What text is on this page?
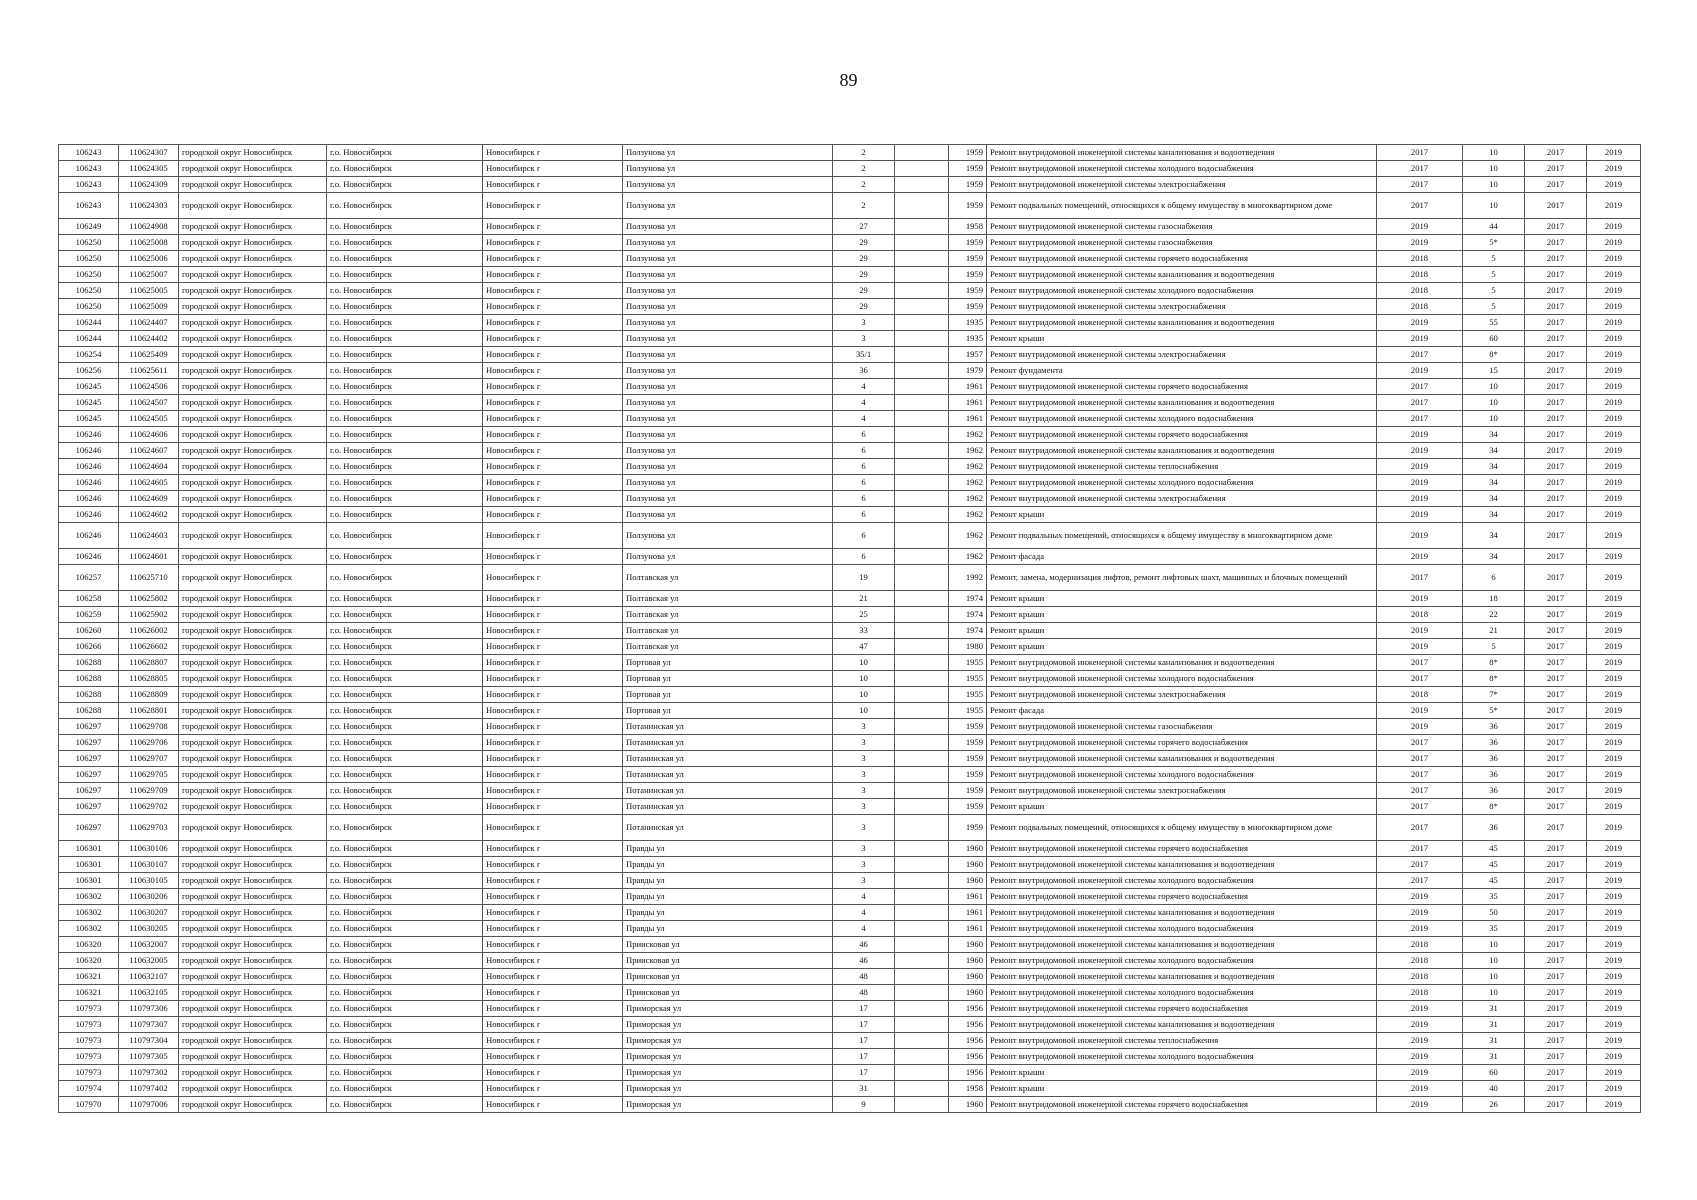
89
106243	110624307	городской округ Новосибирск	г.о. Новосибирск	Новосибирск г	Ползунова ул	2		1959	Ремонт внутридомовой инженерной системы канализования и водоотведения	2017	10	2017	2019
106243	110624305	городской округ Новосибирск	г.о. Новосибирск	Новосибирск г	Ползунова ул	2		1959	Ремонт внутридомовой инженерной системы холодного водоснабжения	2017	10	2017	2019
106243	110624309	городской округ Новосибирск	г.о. Новосибирск	Новосибирск г	Ползунова ул	2		1959	Ремонт внутридомовой инженерной системы электроснабжения	2017	10	2017	2019
106243	110624303	городской округ Новосибирск	г.о. Новосибирск	Новосибирск г	Ползунова ул	2		1959	Ремонт подвальных помещений, относящихся к общему имуществу в многоквартирном доме	2017	10	2017	2019
106249	110624908	городской округ Новосибирск	г.о. Новосибирск	Новосибирск г	Ползунова ул	27		1958	Ремонт внутридомовой инженерной системы газоснабжения	2019	44	2017	2019
106250	110625008	городской округ Новосибирск	г.о. Новосибирск	Новосибирск г	Ползунова ул	29		1959	Ремонт внутридомовой инженерной системы газоснабжения	2019	5*	2017	2019
106250	110625006	городской округ Новосибирск	г.о. Новосибирск	Новосибирск г	Ползунова ул	29		1959	Ремонт внутридомовой инженерной системы горячего водоснабжения	2018	5	2017	2019
106250	110625007	городской округ Новосибирск	г.о. Новосибирск	Новосибирск г	Ползунова ул	29		1959	Ремонт внутридомовой инженерной системы канализования и водоотведения	2018	5	2017	2019
106250	110625005	городской округ Новосибирск	г.о. Новосибирск	Новосибирск г	Ползунова ул	29		1959	Ремонт внутридомовой инженерной системы холодного водоснабжения	2018	5	2017	2019
106250	110625009	городской округ Новосибирск	г.о. Новосибирск	Новосибирск г	Ползунова ул	29		1959	Ремонт внутридомовой инженерной системы электроснабжения	2018	5	2017	2019
106244	110624407	городской округ Новосибирск	г.о. Новосибирск	Новосибирск г	Ползунова ул	3		1935	Ремонт внутридомовой инженерной системы канализования и водоотведения	2019	55	2017	2019
106244	110624402	городской округ Новосибирск	г.о. Новосибирск	Новосибирск г	Ползунова ул	3		1935	Ремонт крыши	2019	60	2017	2019
106254	110625409	городской округ Новосибирск	г.о. Новосибирск	Новосибирск г	Ползунова ул	35/1		1957	Ремонт внутридомовой инженерной системы электроснабжения	2017	8*	2017	2019
106256	110625611	городской округ Новосибирск	г.о. Новосибирск	Новосибирск г	Ползунова ул	36		1979	Ремонт фундамента	2019	15	2017	2019
106245	110624506	городской округ Новосибирск	г.о. Новосибирск	Новосибирск г	Ползунова ул	4		1961	Ремонт внутридомовой инженерной системы горячего водоснабжения	2017	10	2017	2019
106245	110624507	городской округ Новосибирск	г.о. Новосибирск	Новосибирск г	Ползунова ул	4		1961	Ремонт внутридомовой инженерной системы канализования и водоотведения	2017	10	2017	2019
106245	110624505	городской округ Новосибирск	г.о. Новосибирск	Новосибирск г	Ползунова ул	4		1961	Ремонт внутридомовой инженерной системы холодного водоснабжения	2017	10	2017	2019
106246	110624606	городской округ Новосибирск	г.о. Новосибирск	Новосибирск г	Ползунова ул	6		1962	Ремонт внутридомовой инженерной системы горячего водоснабжения	2019	34	2017	2019
106246	110624607	городской округ Новосибирск	г.о. Новосибирск	Новосибирск г	Ползунова ул	6		1962	Ремонт внутридомовой инженерной системы канализования и водоотведения	2019	34	2017	2019
106246	110624604	городской округ Новосибирск	г.о. Новосибирск	Новосибирск г	Ползунова ул	6		1962	Ремонт внутридомовой инженерной системы теплоснабжения	2019	34	2017	2019
106246	110624605	городской округ Новосибирск	г.о. Новосибирск	Новосибирск г	Ползунова ул	6		1962	Ремонт внутридомовой инженерной системы холодного водоснабжения	2019	34	2017	2019
106246	110624609	городской округ Новосибирск	г.о. Новосибирск	Новосибирск г	Ползунова ул	6		1962	Ремонт внутридомовой инженерной системы электроснабжения	2019	34	2017	2019
106246	110624602	городской округ Новосибирск	г.о. Новосибирск	Новосибирск г	Ползунова ул	6		1962	Ремонт крыши	2019	34	2017	2019
106246	110624603	городской округ Новосибирск	г.о. Новосибирск	Новосибирск г	Ползунова ул	6		1962	Ремонт подвальных помещений, относящихся к общему имуществу в многоквартирном доме	2019	34	2017	2019
106246	110624601	городской округ Новосибирск	г.о. Новосибирск	Новосибирск г	Ползунова ул	6		1962	Ремонт фасада	2019	34	2017	2019
106257	110625710	городской округ Новосибирск	г.о. Новосибирск	Новосибирск г	Полтавская ул	19		1992	Ремонт, замена, модернизация лифтов, ремонт лифтовых шахт, машинных и блочных помещений	2017	6	2017	2019
106258	110625802	городской округ Новосибирск	г.о. Новосибирск	Новосибирск г	Полтавская ул	21		1974	Ремонт крыши	2019	18	2017	2019
106259	110625902	городской округ Новосибирск	г.о. Новосибирск	Новосибирск г	Полтавская ул	25		1974	Ремонт крыши	2018	22	2017	2019
106260	110626002	городской округ Новосибирск	г.о. Новосибирск	Новосибирск г	Полтавская ул	33		1974	Ремонт крыши	2019	21	2017	2019
106266	110626602	городской округ Новосибирск	г.о. Новосибирск	Новосибирск г	Полтавская ул	47		1980	Ремонт крыши	2019	5	2017	2019
106288	110628807	городской округ Новосибирск	г.о. Новосибирск	Новосибирск г	Портовая ул	10		1955	Ремонт внутридомовой инженерной системы канализования и водоотведения	2017	8*	2017	2019
106288	110628805	городской округ Новосибирск	г.о. Новосибирск	Новосибирск г	Портовая ул	10		1955	Ремонт внутридомовой инженерной системы холодного водоснабжения	2017	8*	2017	2019
106288	110628809	городской округ Новосибирск	г.о. Новосибирск	Новосибирск г	Портовая ул	10		1955	Ремонт внутридомовой инженерной системы электроснабжения	2018	7*	2017	2019
106288	110628801	городской округ Новосибирск	г.о. Новосибирск	Новосибирск г	Портовая ул	10		1955	Ремонт фасада	2019	5*	2017	2019
106297	110629708	городской округ Новосибирск	г.о. Новосибирск	Новосибирск г	Потанинская ул	3		1959	Ремонт внутридомовой инженерной системы газоснабжения	2019	36	2017	2019
106297	110629706	городской округ Новосибирск	г.о. Новосибирск	Новосибирск г	Потанинская ул	3		1959	Ремонт внутридомовой инженерной системы горячего водоснабжения	2017	36	2017	2019
106297	110629707	городской округ Новосибирск	г.о. Новосибирск	Новосибирск г	Потанинская ул	3		1959	Ремонт внутридомовой инженерной системы канализования и водоотведения	2017	36	2017	2019
106297	110629705	городской округ Новосибирск	г.о. Новосибирск	Новосибирск г	Потанинская ул	3		1959	Ремонт внутридомовой инженерной системы холодного водоснабжения	2017	36	2017	2019
106297	110629709	городской округ Новосибирск	г.о. Новосибирск	Новосибирск г	Потанинская ул	3		1959	Ремонт внутридомовой инженерной системы электроснабжения	2017	36	2017	2019
106297	110629702	городской округ Новосибирск	г.о. Новосибирск	Новосибирск г	Потанинская ул	3		1959	Ремонт крыши	2017	8*	2017	2019
106297	110629703	городской округ Новосибирск	г.о. Новосибирск	Новосибирск г	Потанинская ул	3		1959	Ремонт подвальных помещений, относящихся к общему имуществу в многоквартирном доме	2017	36	2017	2019
106301	110630106	городской округ Новосибирск	г.о. Новосибирск	Новосибирск г	Правды ул	3		1960	Ремонт внутридомовой инженерной системы горячего водоснабжения	2017	45	2017	2019
106301	110630107	городской округ Новосибирск	г.о. Новосибирск	Новосибирск г	Правды ул	3		1960	Ремонт внутридомовой инженерной системы канализования и водоотведения	2017	45	2017	2019
106301	110630105	городской округ Новосибирск	г.о. Новосибирск	Новосибирск г	Правды ул	3		1960	Ремонт внутридомовой инженерной системы холодного водоснабжения	2017	45	2017	2019
106302	110630206	городской округ Новосибирск	г.о. Новосибирск	Новосибирск г	Правды ул	4		1961	Ремонт внутридомовой инженерной системы горячего водоснабжения	2019	35	2017	2019
106302	110630207	городской округ Новосибирск	г.о. Новосибирск	Новосибирск г	Правды ул	4		1961	Ремонт внутридомовой инженерной системы канализования и водоотведения	2019	50	2017	2019
106302	110630205	городской округ Новосибирск	г.о. Новосибирск	Новосибирск г	Правды ул	4		1961	Ремонт внутридомовой инженерной системы холодного водоснабжения	2019	35	2017	2019
106320	110632007	городской округ Новосибирск	г.о. Новосибирск	Новосибирск г	Приисковая ул	46		1960	Ремонт внутридомовой инженерной системы канализования и водоотведения	2018	10	2017	2019
106320	110632005	городской округ Новосибирск	г.о. Новосибирск	Новосибирск г	Приисковая ул	46		1960	Ремонт внутридомовой инженерной системы холодного водоснабжения	2018	10	2017	2019
106321	110632107	городской округ Новосибирск	г.о. Новосибирск	Новосибирск г	Приисковая ул	48		1960	Ремонт внутридомовой инженерной системы канализования и водоотведения	2018	10	2017	2019
106321	110632105	городской округ Новосибирск	г.о. Новосибирск	Новосибирск г	Приисковая ул	48		1960	Ремонт внутридомовой инженерной системы холодного водоснабжения	2018	10	2017	2019
107973	110797306	городской округ Новосибирск	г.о. Новосибирск	Новосибирск г	Приморская ул	17		1956	Ремонт внутридомовой инженерной системы горячего водоснабжения	2019	31	2017	2019
107973	110797307	городской округ Новосибирск	г.о. Новосибирск	Новосибирск г	Приморская ул	17		1956	Ремонт внутридомовой инженерной системы канализования и водоотведения	2019	31	2017	2019
107973	110797304	городской округ Новосибирск	г.о. Новосибирск	Новосибирск г	Приморская ул	17		1956	Ремонт внутридомовой инженерной системы теплоснабжения	2019	31	2017	2019
107973	110797305	городской округ Новосибирск	г.о. Новосибирск	Новосибирск г	Приморская ул	17		1956	Ремонт внутридомовой инженерной системы холодного водоснабжения	2019	31	2017	2019
107973	110797302	городской округ Новосибирск	г.о. Новосибирск	Новосибирск г	Приморская ул	17		1956	Ремонт крыши	2019	60	2017	2019
107974	110797402	городской округ Новосибирск	г.о. Новосибирск	Новосибирск г	Приморская ул	31		1958	Ремонт крыши	2019	40	2017	2019
107970	110797006	городской округ Новосибирск	г.о. Новосибирск	Новосибирск г	Приморская ул	9		1960	Ремонт внутридомовой инженерной системы горячего водоснабжения	2019	26	2017	2019
